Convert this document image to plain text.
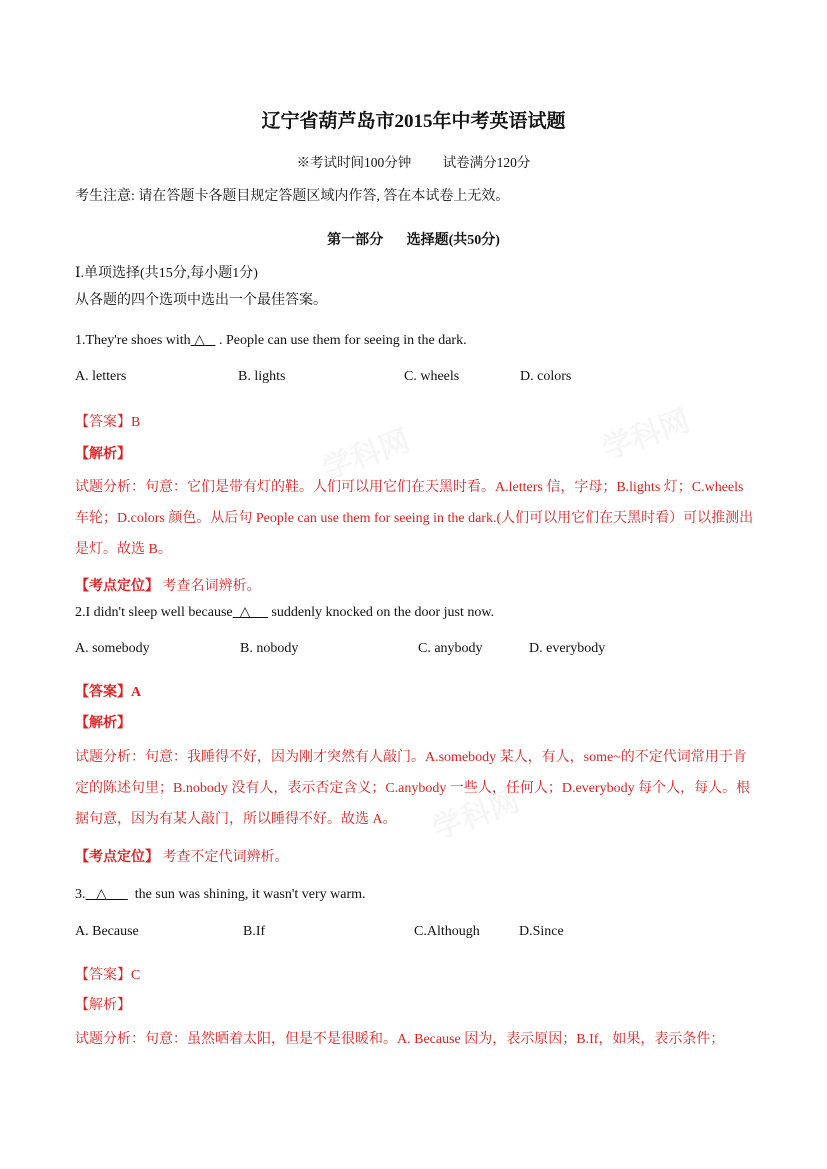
学科网	学科网
学科网
辽宁省葫芦岛市2015年中考英语试题
※考试时间100分钟 试卷满分120分
考生注意: 请在答题卡各题目规定答题区域内作答, 答在本试卷上无效。
第一部分 选择题(共50分)
Ⅰ.单项选择(共15分,每小题1分)
从各题的四个选项中选出一个最佳答案。
1.They're shoes with △ . People can use them for seeing in the dark.
A. letters	B. lights	C. wheels	D. colors
【答案】B
【解析】
试题分析：句意：它们是带有灯的鞋。人们可以用它们在天黑时看。A.letters 信，字母；B.lights 灯；C.wheels 车轮；D.colors 颜色。从后句 People can use them for seeing in the dark.(人们可以用它们在天黑时看）可以推测出是灯。故选 B。
【考点定位】 考查名词辨析。
2.I didn't sleep well because △ suddenly knocked on the door just now.
A. somebody	B. nobody	C. anybody	D. everybody
【答案】A
【解析】
试题分析：句意：我睡得不好，因为刚才突然有人敲门。A.somebody 某人，有人，some~的不定代词常用于肯定的陈述句里；B.nobody 没有人，表示否定含义；C.anybody 一些人，任何人；D.everybody 每个人，每人。根据句意，因为有某人敲门，所以睡得不好。故选 A。
【考点定位】 考查不定代词辨析。
3. △ the sun was shining, it wasn't very warm.
A. Because	B.If	C.Although	D.Since
【答案】C
【解析】
试题分析：句意：虽然晒着太阳，但是不是很暖和。A. Because 因为，表示原因；B.If，如果，表示条件；
